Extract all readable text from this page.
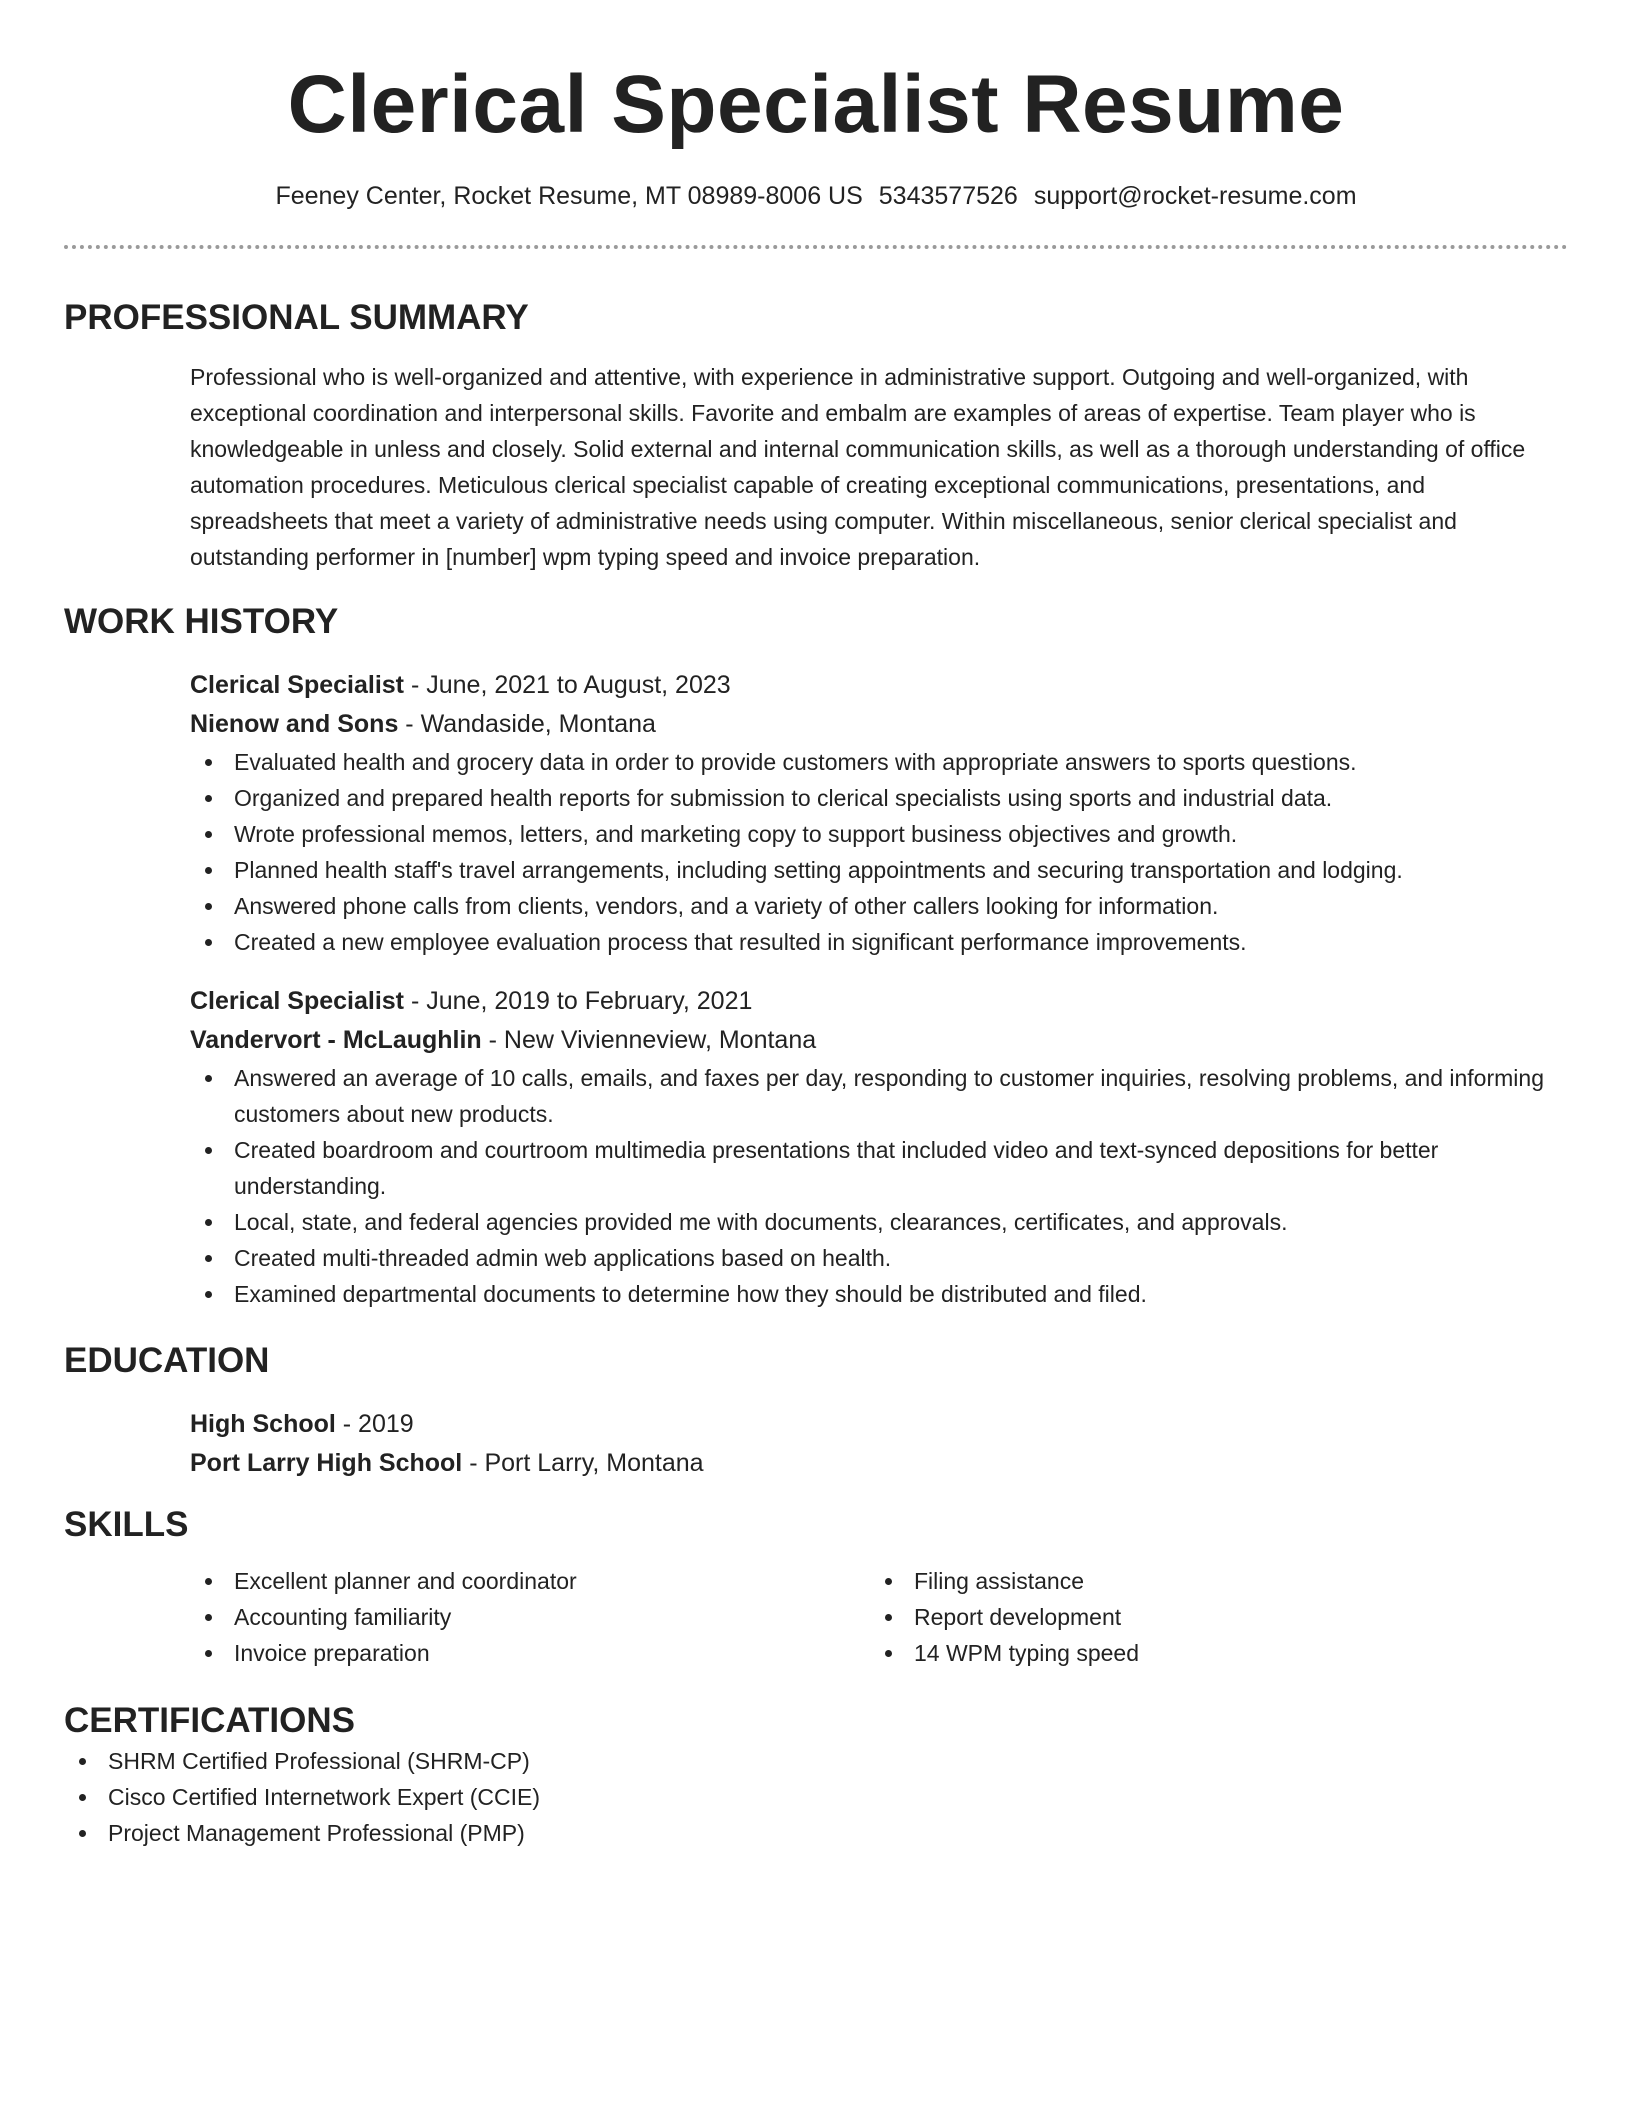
Clerical Specialist Resume
Feeney Center, Rocket Resume, MT 08989-8006 US 5343577526 support@rocket-resume.com
PROFESSIONAL SUMMARY
Professional who is well-organized and attentive, with experience in administrative support. Outgoing and well-organized, with exceptional coordination and interpersonal skills. Favorite and embalm are examples of areas of expertise. Team player who is knowledgeable in unless and closely. Solid external and internal communication skills, as well as a thorough understanding of office automation procedures. Meticulous clerical specialist capable of creating exceptional communications, presentations, and spreadsheets that meet a variety of administrative needs using computer. Within miscellaneous, senior clerical specialist and outstanding performer in [number] wpm typing speed and invoice preparation.
WORK HISTORY
Clerical Specialist - June, 2021 to August, 2023
Nienow and Sons - Wandaside, Montana
Evaluated health and grocery data in order to provide customers with appropriate answers to sports questions.
Organized and prepared health reports for submission to clerical specialists using sports and industrial data.
Wrote professional memos, letters, and marketing copy to support business objectives and growth.
Planned health staff's travel arrangements, including setting appointments and securing transportation and lodging.
Answered phone calls from clients, vendors, and a variety of other callers looking for information.
Created a new employee evaluation process that resulted in significant performance improvements.
Clerical Specialist - June, 2019 to February, 2021
Vandervort - McLaughlin - New Vivienneview, Montana
Answered an average of 10 calls, emails, and faxes per day, responding to customer inquiries, resolving problems, and informing customers about new products.
Created boardroom and courtroom multimedia presentations that included video and text-synced depositions for better understanding.
Local, state, and federal agencies provided me with documents, clearances, certificates, and approvals.
Created multi-threaded admin web applications based on health.
Examined departmental documents to determine how they should be distributed and filed.
EDUCATION
High School - 2019
Port Larry High School - Port Larry, Montana
SKILLS
Excellent planner and coordinator
Accounting familiarity
Invoice preparation
Filing assistance
Report development
14 WPM typing speed
CERTIFICATIONS
SHRM Certified Professional (SHRM-CP)
Cisco Certified Internetwork Expert (CCIE)
Project Management Professional (PMP)
